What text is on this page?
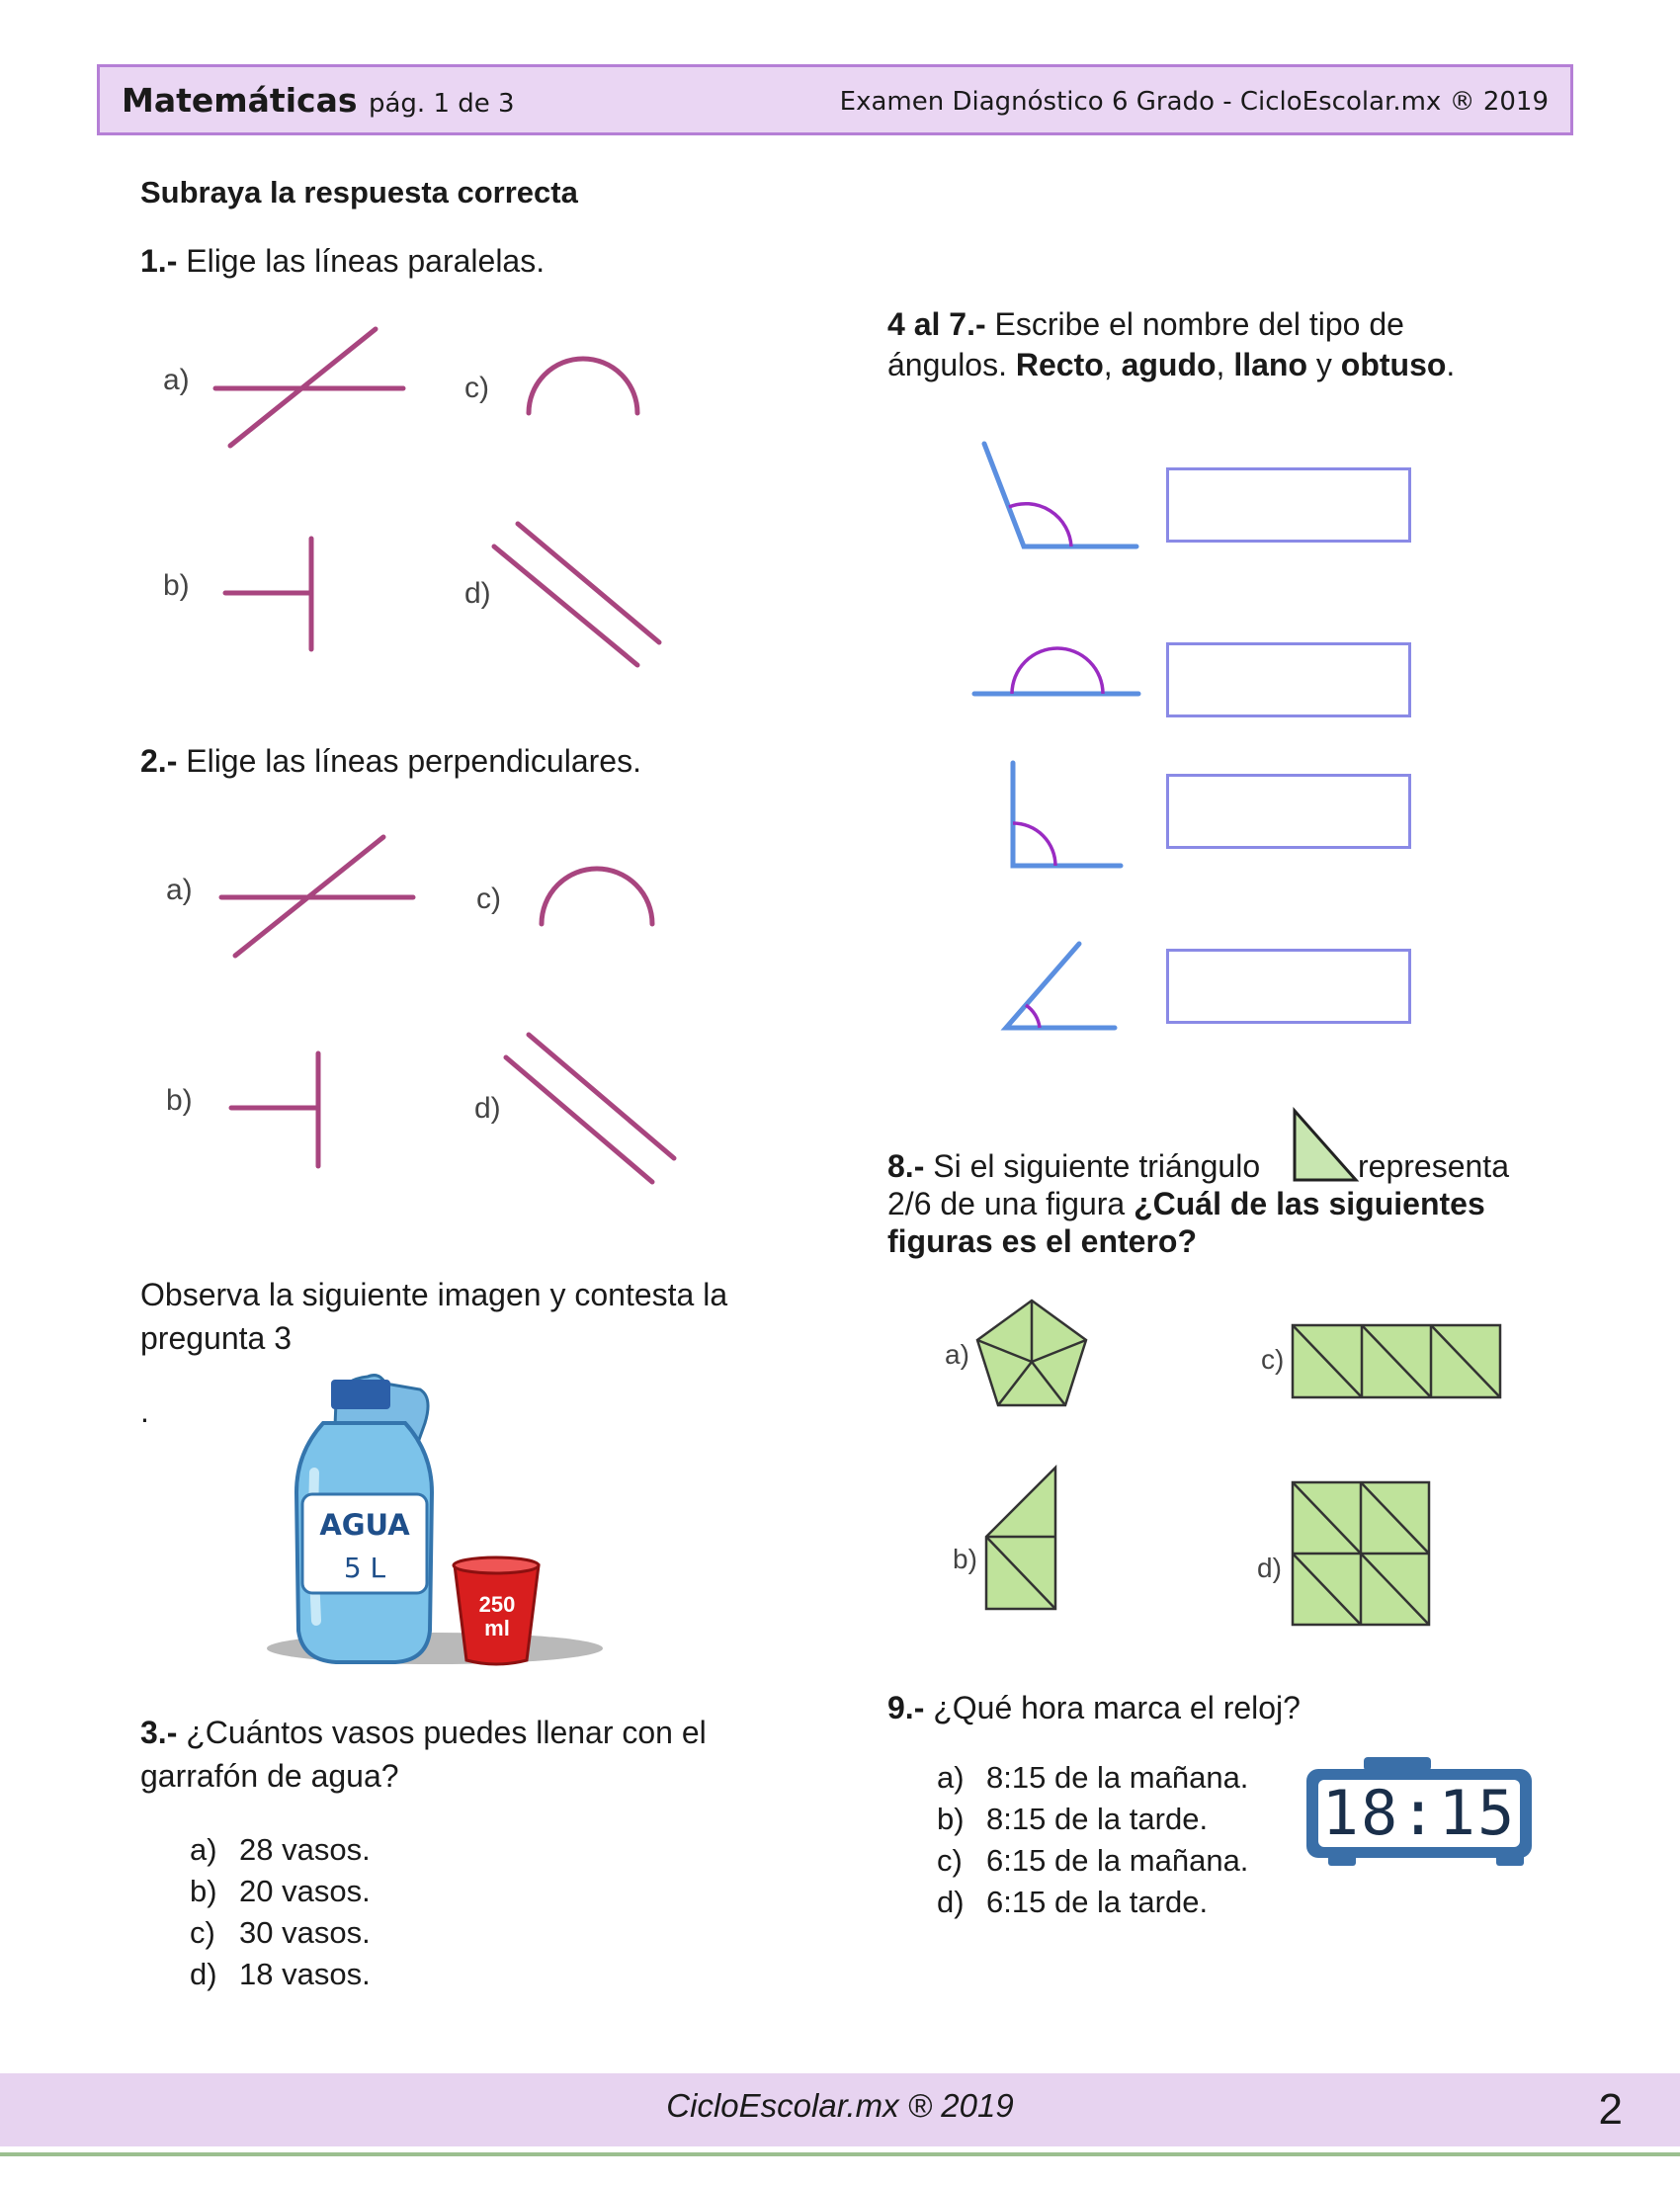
Matemáticas pág. 1 de 3	Examen Diagnóstico 6 Grado - CicloEscolar.mx ® 2019
Subraya la respuesta correcta
1.- Elige las líneas paralelas.
a)	c)
b)	d)
2.- Elige las líneas perpendiculares.
a)	c)
b)	d)
Observa la siguiente imagen y contesta la
pregunta 3
.
AGUA
5 L
250
ml
3.- ¿Cuántos vasos puedes llenar con el
garrafón de agua?
a) 28 vasos.
b) 20 vasos.
c) 30 vasos.
d) 18 vasos.
4 al 7.- Escribe el nombre del tipo de
ángulos. Recto, agudo, llano y obtuso.
8.- Si el siguiente triángulo	representa
2/6 de una figura ¿Cuál de las siguientes
figuras es el entero?
a)	c)
b)	d)
9.- ¿Qué hora marca el reloj?
a) 8:15 de la mañana.
b) 8:15 de la tarde.
c) 6:15 de la mañana.
d) 6:15 de la tarde.
18:15
CicloEscolar.mx ® 2019	2
